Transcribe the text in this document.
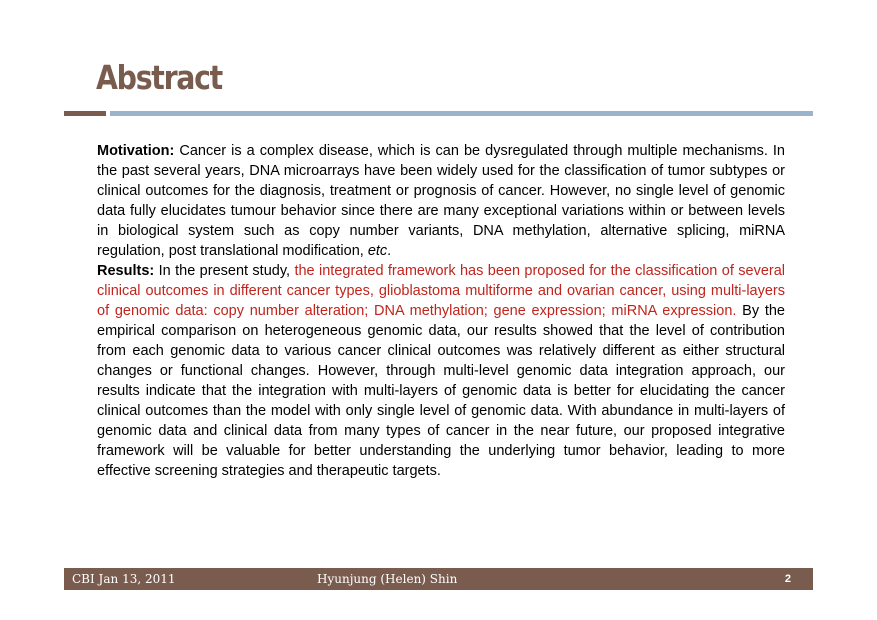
Abstract

Motivation: Cancer is a complex disease, which is can be dysregulated through multiple mechanisms. In the past several years, DNA microarrays have been widely used for the classification of tumor subtypes or clinical outcomes for the diagnosis, treatment or prognosis of cancer. However, no single level of genomic data fully elucidates tumour behavior since there are many exceptional variations within or between levels in biological system such as copy number variants, DNA methylation, alternative splicing, miRNA regulation, post translational modification, etc.

Results: In the present study, the integrated framework has been proposed for the classification of several clinical outcomes in different cancer types, glioblastoma multiforme and ovarian cancer, using multi-layers of genomic data: copy number alteration; DNA methylation; gene expression; miRNA expression. By the empirical comparison on heterogeneous genomic data, our results showed that the level of contribution from each genomic data to various cancer clinical outcomes was relatively different as either structural changes or functional changes. However, through multi-level genomic data integration approach, our results indicate that the integration with multi-layers of genomic data is better for elucidating the cancer clinical outcomes than the model with only single level of genomic data. With abundance in multi-layers of genomic data and clinical data from many types of cancer in the near future, our proposed integrative framework will be valuable for better understanding the underlying tumor behavior, leading to more effective screening strategies and therapeutic targets.

CBI Jan 13, 2011	Hyunjung (Helen) Shin	2
